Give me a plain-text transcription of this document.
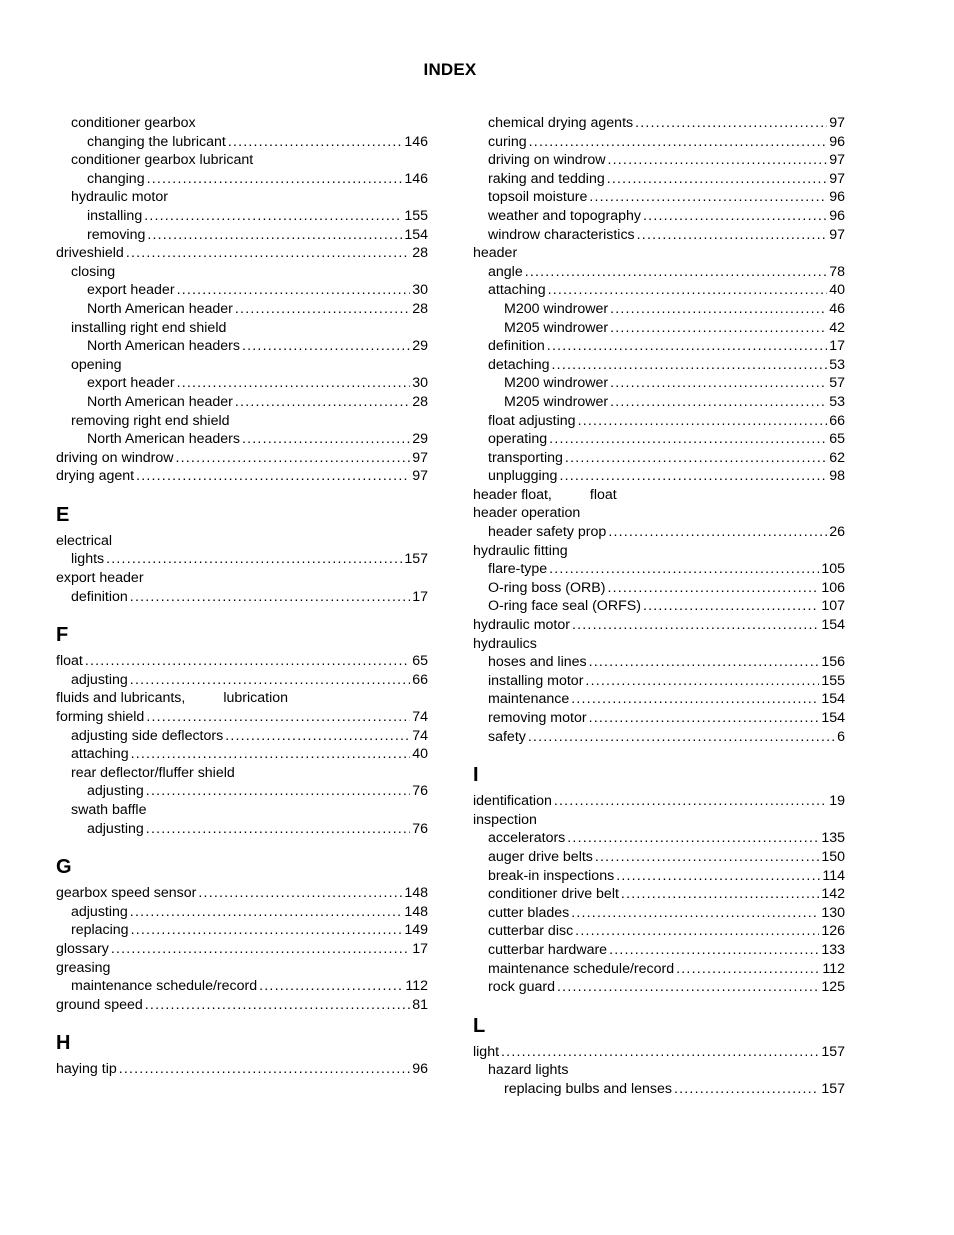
INDEX
conditioner gearbox
changing the lubricant .....	146
conditioner gearbox lubricant
changing .....	146
hydraulic motor
installing .....	155
removing .....	154
driveshield .....	28
closing
export header .....	30
North American header .....	28
installing right end shield
North American headers .....	29
opening
export header .....	30
North American header .....	28
removing right end shield
North American headers .....	29
driving on windrow .....	97
drying agent .....	97
E
electrical
lights .....	157
export header
definition .....	17
F
float .....	65
adjusting .....	66
fluids and lubricants,	lubrication
forming shield .....	74
adjusting side deflectors .....	74
attaching .....	40
rear deflector/fluffer shield
adjusting .....	76
swath baffle
adjusting .....	76
G
gearbox speed sensor .....	148
adjusting .....	148
replacing .....	149
glossary .....	17
greasing
maintenance schedule/record .....	112
ground speed .....	81
H
haying tip .....	96
chemical drying agents .....	97
curing .....	96
driving on windrow .....	97
raking and tedding .....	97
topsoil moisture .....	96
weather and topography .....	96
windrow characteristics .....	97
header
angle .....	78
attaching .....	40
M200 windrower .....	46
M205 windrower .....	42
definition .....	17
detaching .....	53
M200 windrower .....	57
M205 windrower .....	53
float adjusting .....	66
operating .....	65
transporting .....	62
unplugging .....	98
header float,	float
header operation
header safety prop .....	26
hydraulic fitting
flare-type .....	105
O-ring boss (ORB) .....	106
O-ring face seal (ORFS) .....	107
hydraulic motor .....	154
hydraulics
hoses and lines .....	156
installing motor .....	155
maintenance .....	154
removing motor .....	154
safety .....	6
I
identification .....	19
inspection
accelerators .....	135
auger drive belts .....	150
break-in inspections .....	114
conditioner drive belt .....	142
cutter blades .....	130
cutterbar disc .....	126
cutterbar hardware .....	133
maintenance schedule/record .....	112
rock guard .....	125
L
light .....	157
hazard lights
replacing bulbs and lenses .....	157
